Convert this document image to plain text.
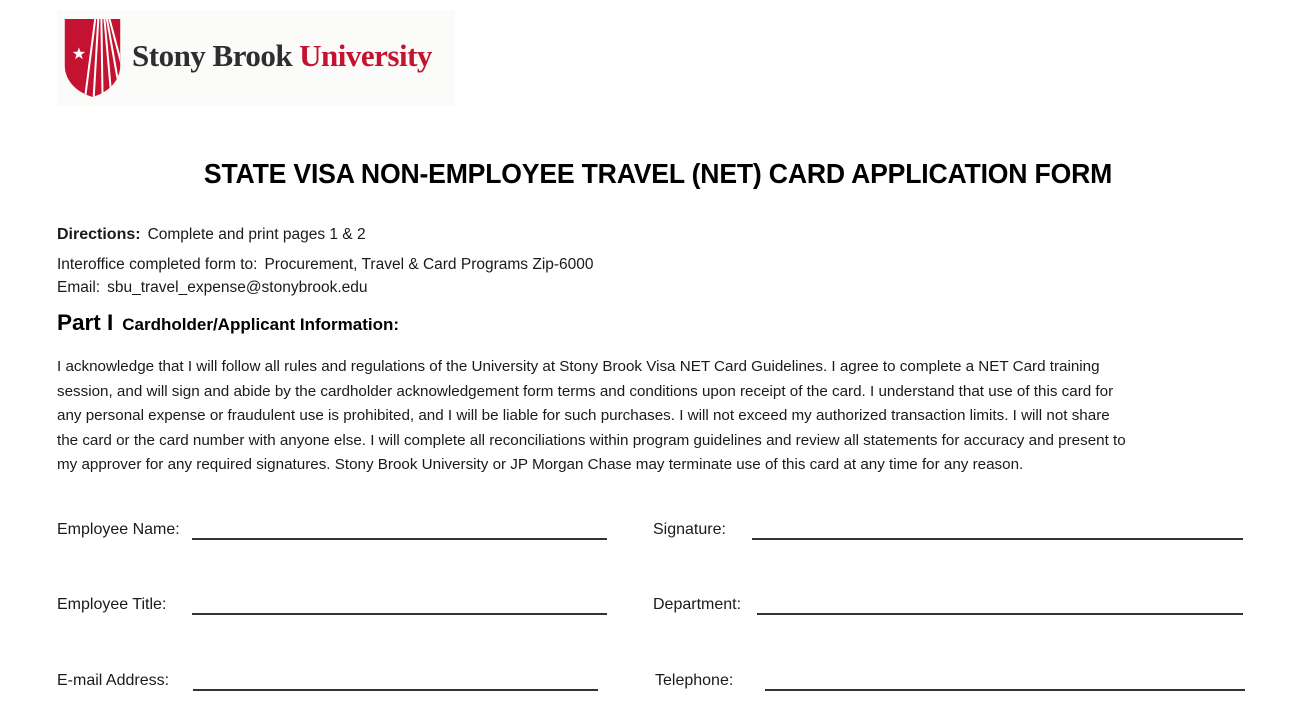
Stony Brook University
STATE VISA NON-EMPLOYEE TRAVEL (NET) CARD APPLICATION FORM
Directions: Complete and print pages 1 & 2
Interoffice completed form to: Procurement, Travel & Card Programs Zip-6000
Email: sbu_travel_expense@stonybrook.edu
Part I Cardholder/Applicant Information:
I acknowledge that I will follow all rules and regulations of the University at Stony Brook Visa NET Card Guidelines. I agree to complete a NET Card training
session, and will sign and abide by the cardholder acknowledgement form terms and conditions upon receipt of the card. I understand that use of this card for
any personal expense or fraudulent use is prohibited, and I will be liable for such purchases. I will not exceed my authorized transaction limits. I will not share
the card or the card number with anyone else. I will complete all reconciliations within program guidelines and review all statements for accuracy and present to
my approver for any required signatures. Stony Brook University or JP Morgan Chase may terminate use of this card at any time for any reason.
Employee Name:	Signature:
Employee Title:	Department:
E-mail Address:	Telephone:
